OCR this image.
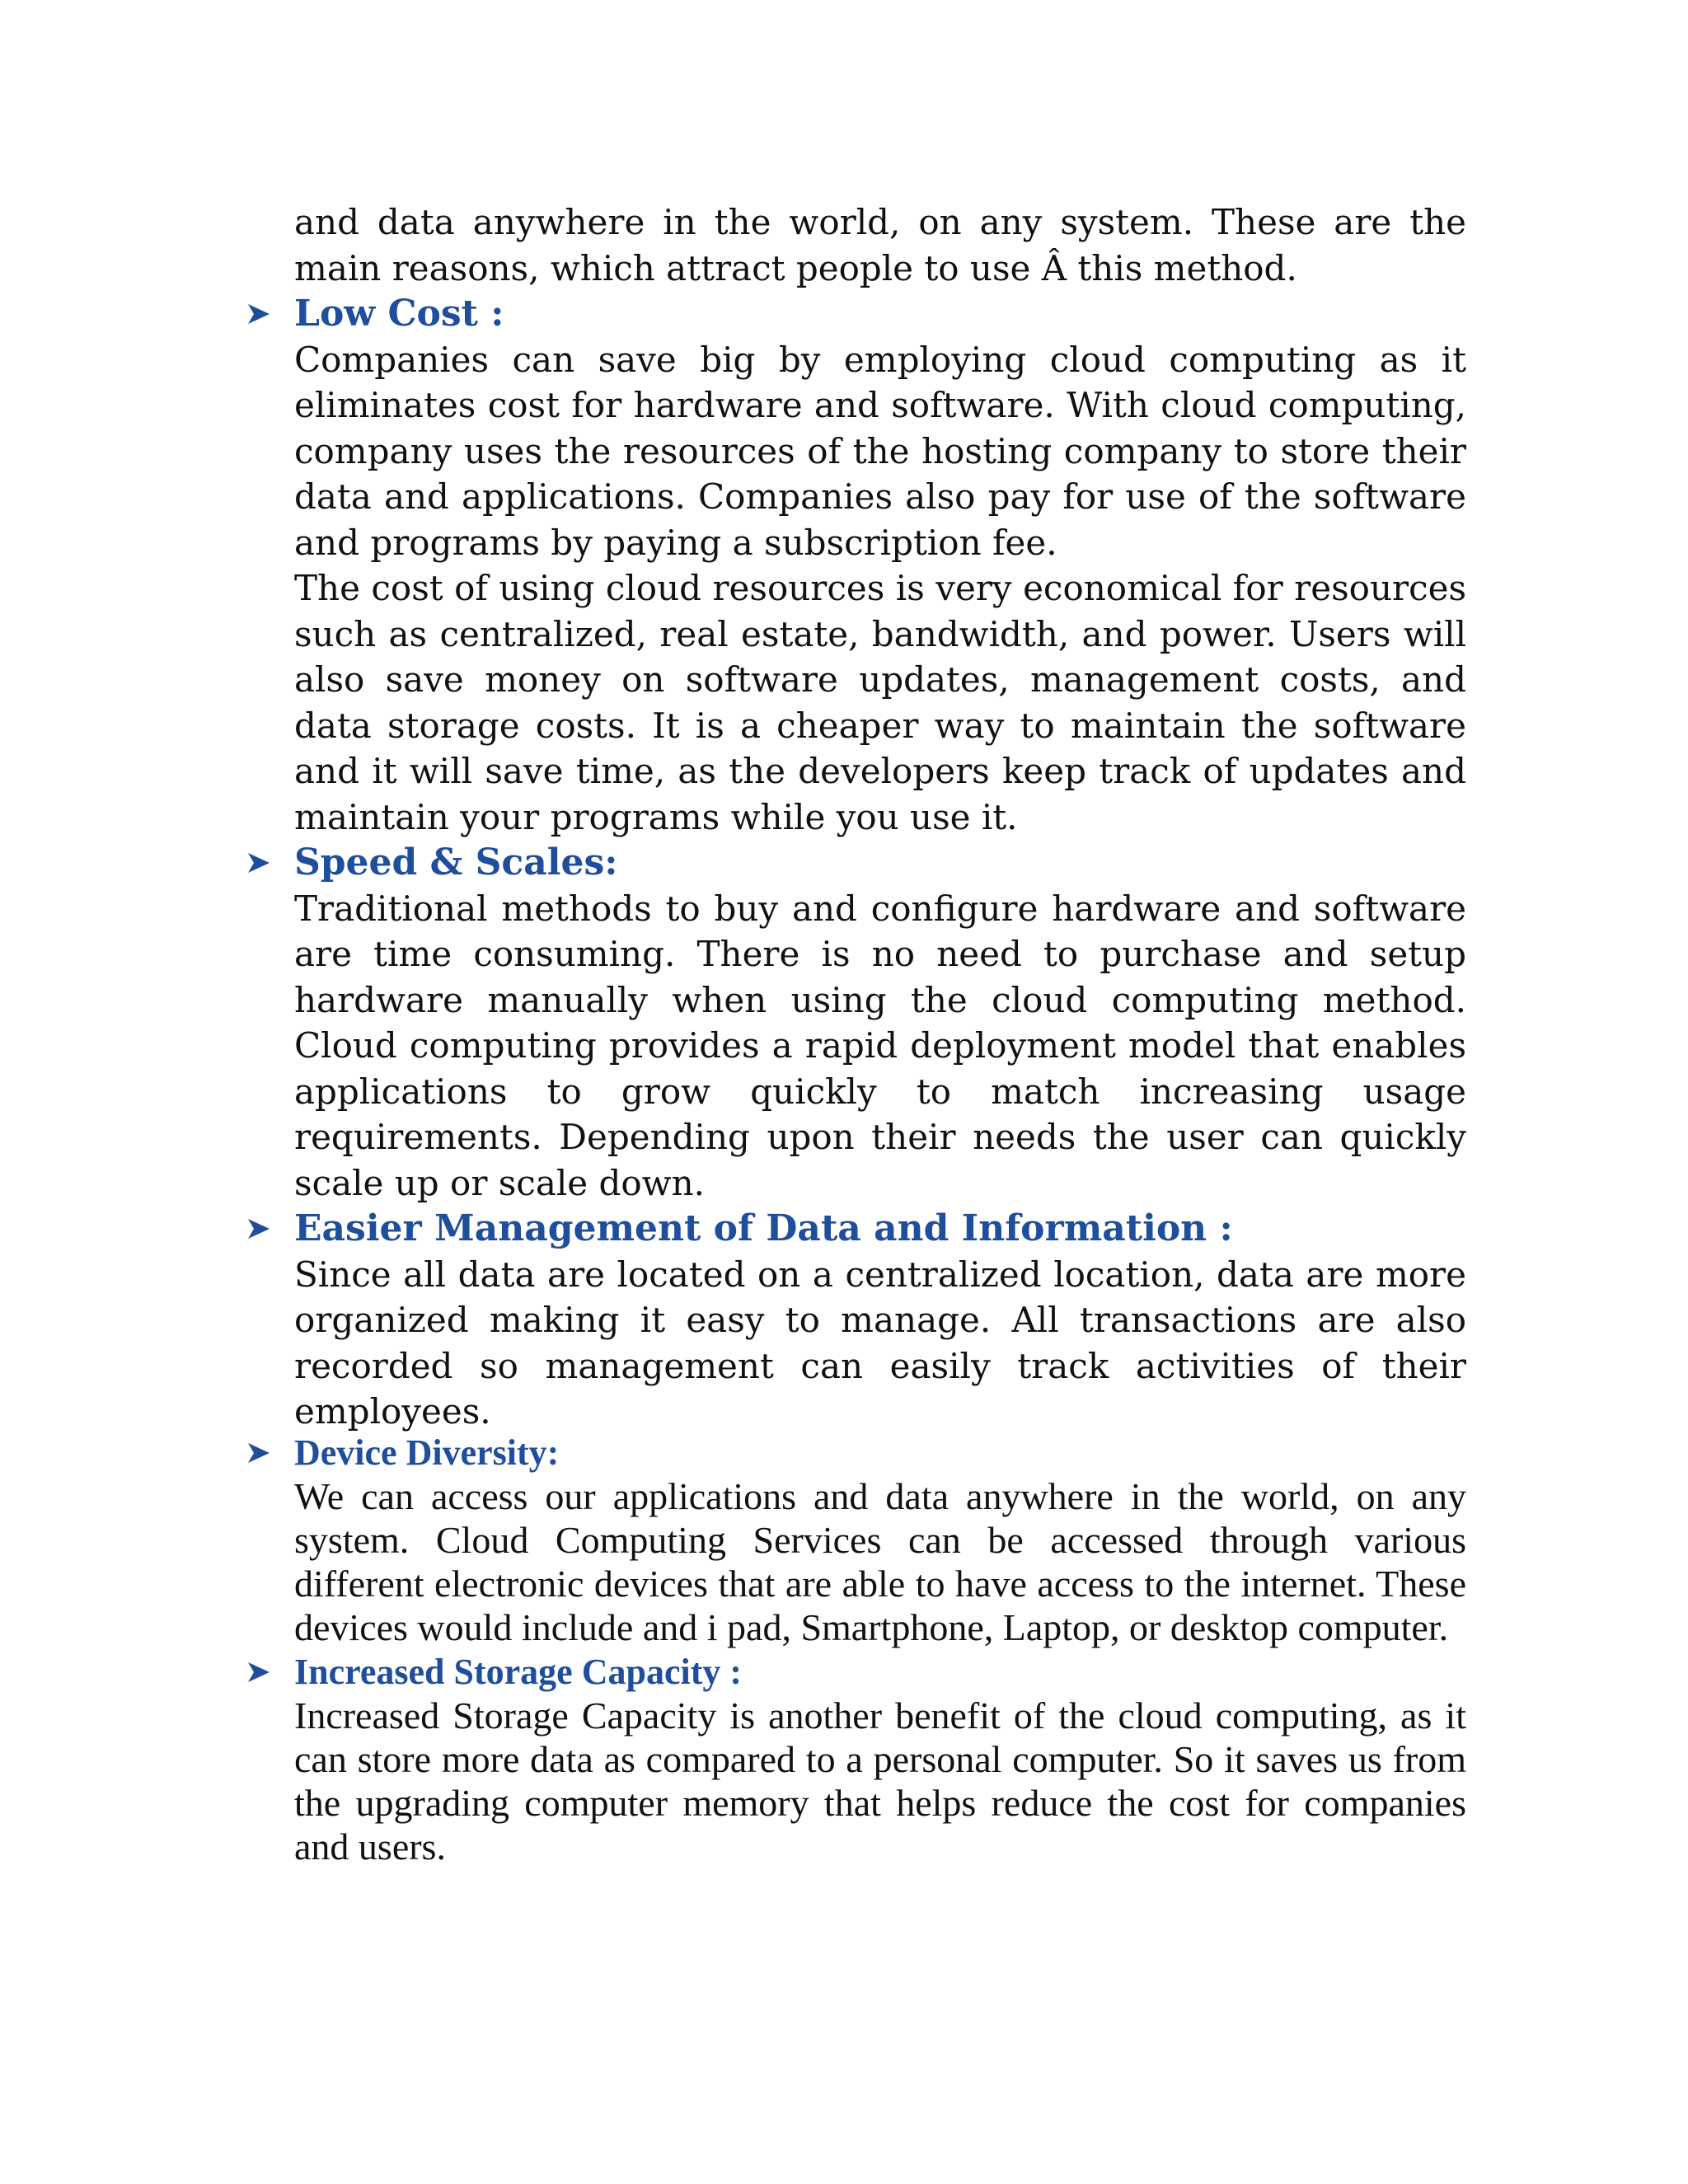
and data anywhere in the world, on any system. These are the main reasons, which attract people to use Â this method.

Low Cost :

Companies can save big by employing cloud computing as it eliminates cost for hardware and software. With cloud computing, company uses the resources of the hosting company to store their data and applications. Companies also pay for use of the software and programs by paying a subscription fee.

The cost of using cloud resources is very economical for resources such as centralized, real estate, bandwidth, and power. Users will also save money on software updates, management costs, and data storage costs. It is a cheaper way to maintain the software and it will save time, as the developers keep track of updates and maintain your programs while you use it.

Speed & Scales:

Traditional methods to buy and configure hardware and software are time consuming. There is no need to purchase and setup hardware manually when using the cloud computing method. Cloud computing provides a rapid deployment model that enables applications to grow quickly to match increasing usage requirements. Depending upon their needs the user can quickly scale up or scale down.

Easier Management of Data and Information :

Since all data are located on a centralized location, data are more organized making it easy to manage. All transactions are also recorded so management can easily track activities of their employees.

Device Diversity:

We can access our applications and data anywhere in the world, on any system. Cloud Computing Services can be accessed through various different electronic devices that are able to have access to the internet. These devices would include and i pad, Smartphone, Laptop, or desktop computer.

Increased Storage Capacity :

Increased Storage Capacity is another benefit of the cloud computing, as it can store more data as compared to a personal computer. So it saves us from the upgrading computer memory that helps reduce the cost for companies and users.
